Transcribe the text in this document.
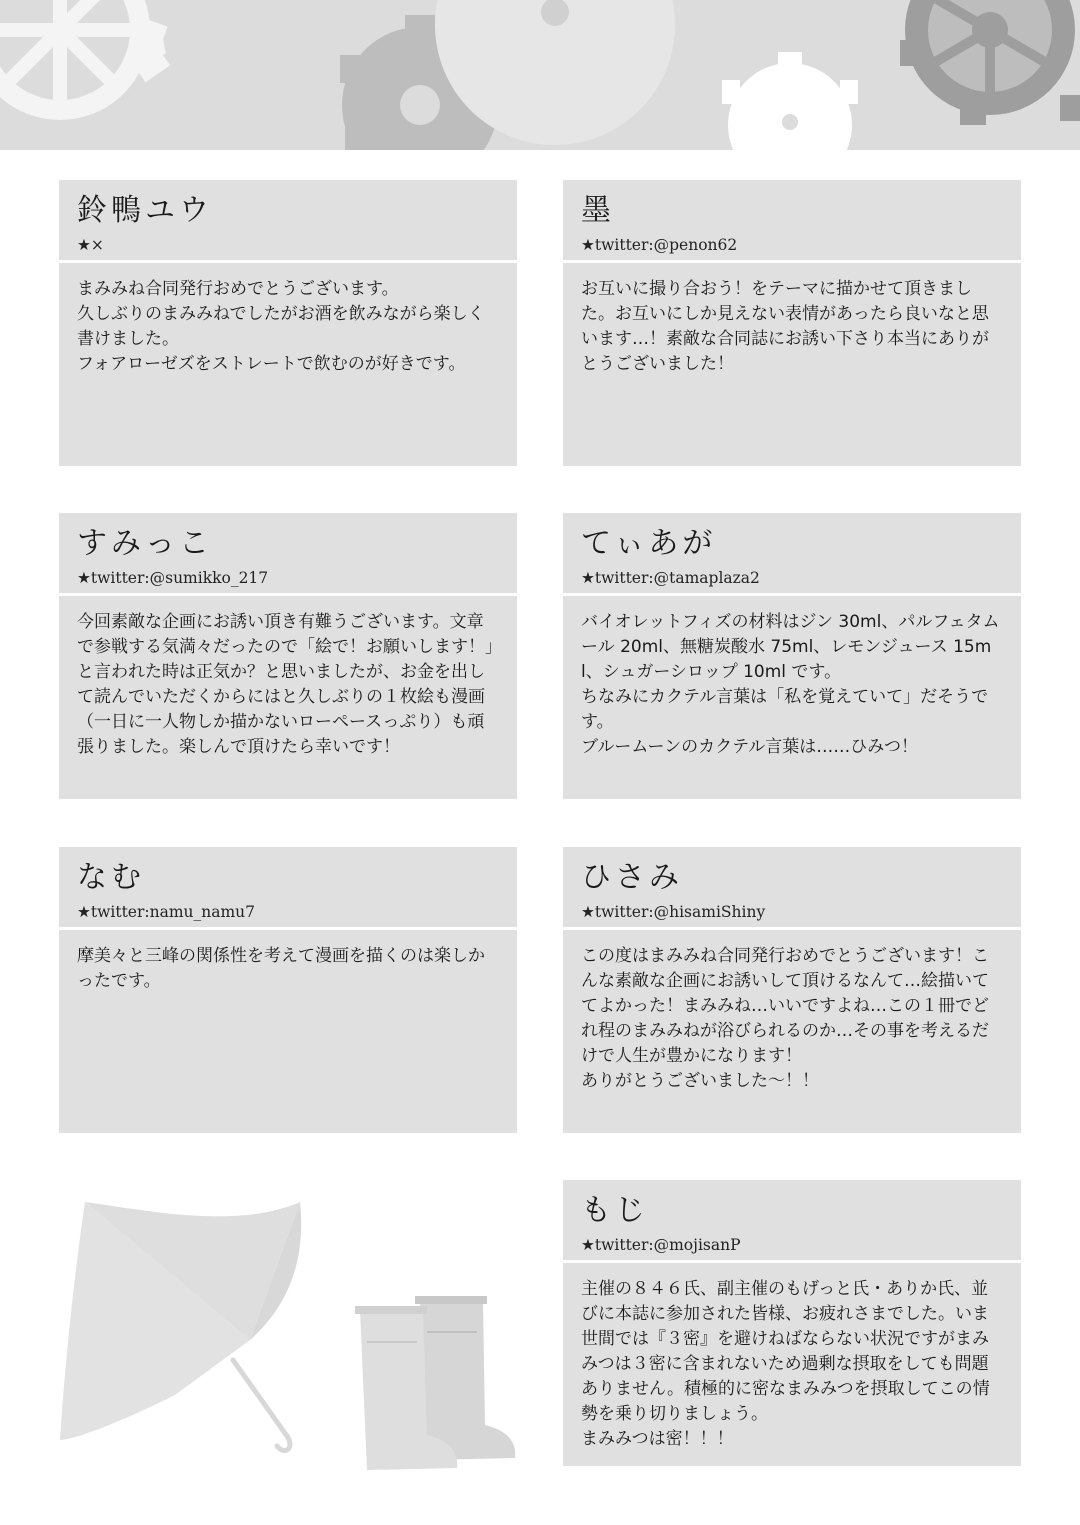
鈴鴨ユウ
★×
まみみね合同発行おめでとうございます。
久しぶりのまみみねでしたがお酒を飲みながら楽しく書けました。
フォアローゼズをストレートで飲むのが好きです。
墨
★twitter:@penon62
お互いに撮り合おう！をテーマに描かせて頂きました。お互いにしか見えない表情があったら良いなと思います…！素敵な合同誌にお誘い下さり本当にありがとうございました！
すみっこ
★twitter:@sumikko_217
今回素敵な企画にお誘い頂き有難うございます。文章で参戦する気満々だったので「絵で！お願いします！」と言われた時は正気か？と思いましたが、お金を出して読んでいただくからにはと久しぶりの１枚絵も漫画（一日に一人物しか描かないローペースっぷり）も頑張りました。楽しんで頂けたら幸いです！
てぃあが
★twitter:@tamaplaza2
バイオレットフィズの材料はジン 30ml、パルフェタムール 20ml、無糖炭酸水 75ml、レモンジュース 15ml、シュガーシロップ 10ml です。
ちなみにカクテル言葉は「私を覚えていて」だそうです。
ブルームーンのカクテル言葉は……ひみつ！
なむ
★twitter:namu_namu7
摩美々と三峰の関係性を考えて漫画を描くのは楽しかったです。
ひさみ
★twitter:@hisamiShiny
この度はまみみね合同発行おめでとうございます！こんな素敵な企画にお誘いして頂けるなんて…絵描いててよかった！まみみね…いいですよね…この１冊でどれ程のまみみねが浴びられるのか…その事を考えるだけで人生が豊かになります！
ありがとうございました〜！！
もじ
★twitter:@mojisanP
主催の８４６氏、副主催のもげっと氏・ありか氏、並びに本誌に参加された皆様、お疲れさまでした。いま世間では『３密』を避けねばならない状況ですがまみみつは３密に含まれないため過剰な摂取をしても問題ありません。積極的に密なまみみつを摂取してこの情勢を乗り切りましょう。
まみみつは密！！！
